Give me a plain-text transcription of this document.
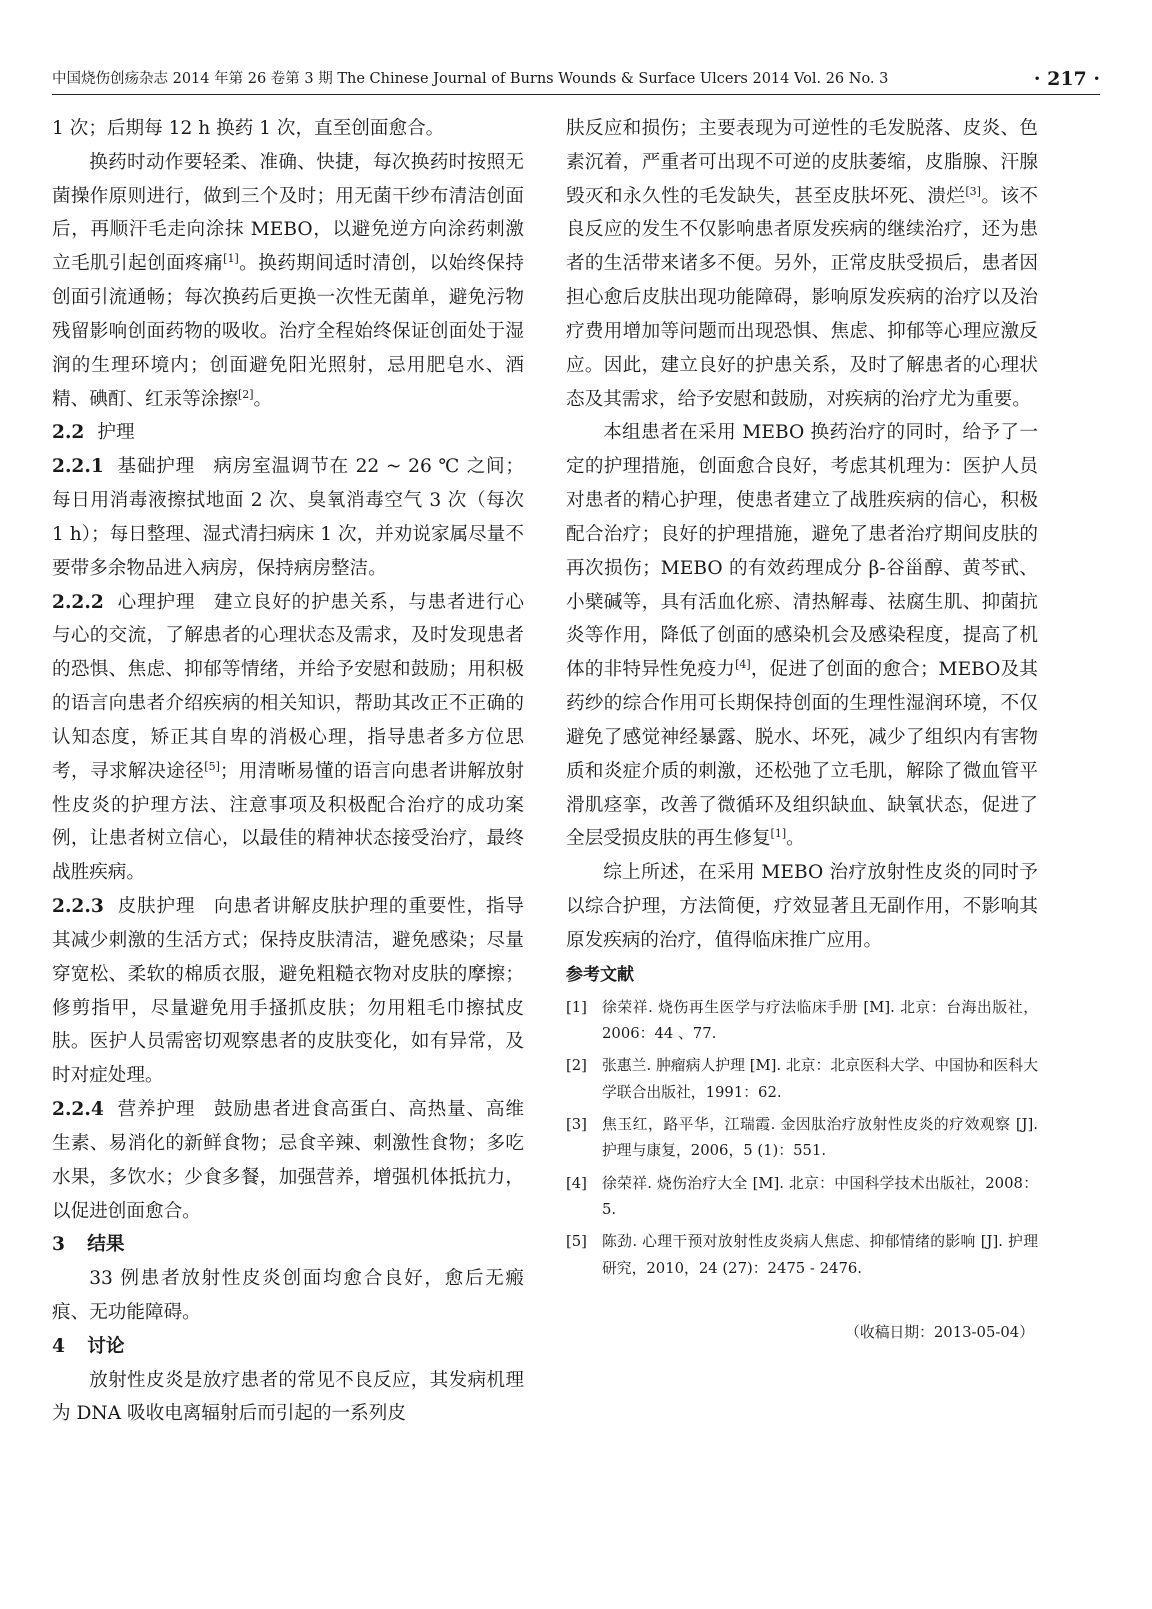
中国烧伤创疡杂志 2014 年第 26 卷第 3 期 The Chinese Journal of Burns Wounds & Surface Ulcers 2014 Vol. 26 No. 3	· 217 ·

1 次；后期每 12 h 换药 1 次，直至创面愈合。

换药时动作要轻柔、准确、快捷，每次换药时按照无菌操作原则进行，做到三个及时；用无菌干纱布清洁创面后，再顺汗毛走向涂抹 MEBO，以避免逆方向涂药刺激立毛肌引起创面疼痛[1]。换药期间适时清创，以始终保持创面引流通畅；每次换药后更换一次性无菌单，避免污物残留影响创面药物的吸收。治疗全程始终保证创面处于湿润的生理环境内；创面避免阳光照射，忌用肥皂水、酒精、碘酊、红汞等涂擦[2]。

2.2 护理

2.2.1 基础护理 病房室温调节在 22 ~ 26 ℃ 之间；每日用消毒液擦拭地面 2 次、臭氧消毒空气 3 次（每次 1 h）；每日整理、湿式清扫病床 1 次，并劝说家属尽量不要带多余物品进入病房，保持病房整洁。

2.2.2 心理护理 建立良好的护患关系，与患者进行心与心的交流，了解患者的心理状态及需求，及时发现患者的恐惧、焦虑、抑郁等情绪，并给予安慰和鼓励；用积极的语言向患者介绍疾病的相关知识，帮助其改正不正确的认知态度，矫正其自卑的消极心理，指导患者多方位思考，寻求解决途径[5]；用清晰易懂的语言向患者讲解放射性皮炎的护理方法、注意事项及积极配合治疗的成功案例，让患者树立信心，以最佳的精神状态接受治疗，最终战胜疾病。

2.2.3 皮肤护理 向患者讲解皮肤护理的重要性，指导其减少刺激的生活方式；保持皮肤清洁，避免感染；尽量穿宽松、柔软的棉质衣服，避免粗糙衣物对皮肤的摩擦；修剪指甲，尽量避免用手搔抓皮肤；勿用粗毛巾擦拭皮肤。医护人员需密切观察患者的皮肤变化，如有异常，及时对症处理。

2.2.4 营养护理 鼓励患者进食高蛋白、高热量、高维生素、易消化的新鲜食物；忌食辛辣、刺激性食物；多吃水果，多饮水；少食多餐，加强营养，增强机体抵抗力，以促进创面愈合。

3 结果

33 例患者放射性皮炎创面均愈合良好，愈后无瘢痕、无功能障碍。

4 讨论

放射性皮炎是放疗患者的常见不良反应，其发病机理为 DNA 吸收电离辐射后而引起的一系列皮

肤反应和损伤；主要表现为可逆性的毛发脱落、皮炎、色素沉着，严重者可出现不可逆的皮肤萎缩，皮脂腺、汗腺毁灭和永久性的毛发缺失，甚至皮肤坏死、溃烂[3]。该不良反应的发生不仅影响患者原发疾病的继续治疗，还为患者的生活带来诸多不便。另外，正常皮肤受损后，患者因担心愈后皮肤出现功能障碍，影响原发疾病的治疗以及治疗费用增加等问题而出现恐惧、焦虑、抑郁等心理应激反应。因此，建立良好的护患关系，及时了解患者的心理状态及其需求，给予安慰和鼓励，对疾病的治疗尤为重要。

本组患者在采用 MEBO 换药治疗的同时，给予了一定的护理措施，创面愈合良好，考虑其机理为：医护人员对患者的精心护理，使患者建立了战胜疾病的信心，积极配合治疗；良好的护理措施，避免了患者治疗期间皮肤的再次损伤；MEBO 的有效药理成分 β-谷甾醇、黄芩甙、小檗碱等，具有活血化瘀、清热解毒、祛腐生肌、抑菌抗炎等作用，降低了创面的感染机会及感染程度，提高了机体的非特异性免疫力[4]，促进了创面的愈合；MEBO及其药纱的综合作用可长期保持创面的生理性湿润环境，不仅避免了感觉神经暴露、脱水、坏死，减少了组织内有害物质和炎症介质的刺激，还松弛了立毛肌，解除了微血管平滑肌痉挛，改善了微循环及组织缺血、缺氧状态，促进了全层受损皮肤的再生修复[1]。

综上所述，在采用 MEBO 治疗放射性皮炎的同时予以综合护理，方法简便，疗效显著且无副作用，不影响其原发疾病的治疗，值得临床推广应用。

参考文献
[1] 徐荣祥. 烧伤再生医学与疗法临床手册 [M]. 北京：台海出版社，2006：44 、77.
[2] 张惠兰. 肿瘤病人护理 [M]. 北京：北京医科大学、中国协和医科大学联合出版社，1991：62.
[3] 焦玉红，路平华，江瑞霞. 金因肽治疗放射性皮炎的疗效观察 [J]. 护理与康复，2006，5 (1)：551.
[4] 徐荣祥. 烧伤治疗大全 [M]. 北京：中国科学技术出版社，2008：5.
[5] 陈劲. 心理干预对放射性皮炎病人焦虑、抑郁情绪的影响 [J]. 护理研究，2010，24 (27)：2475 - 2476.
（收稿日期：2013-05-04）
